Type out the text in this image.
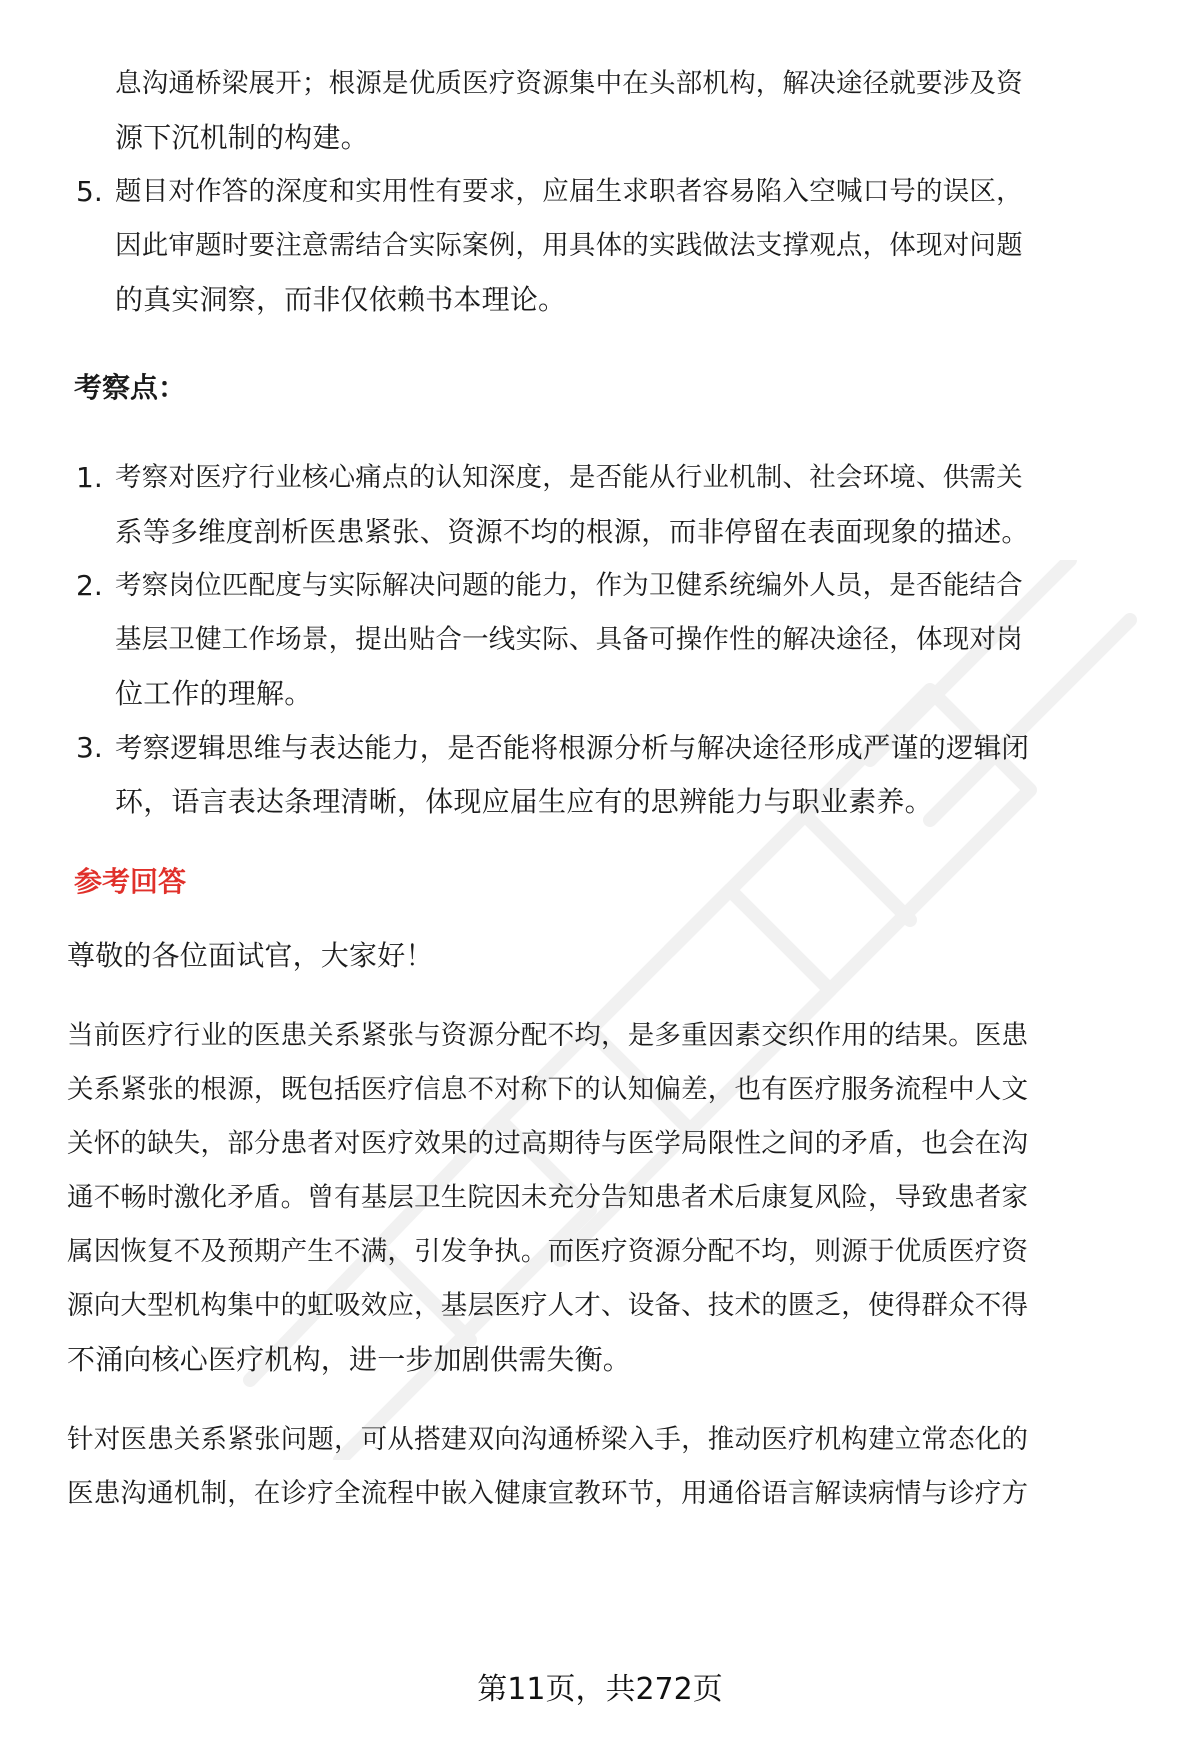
息沟通桥梁展开；根源是优质医疗资源集中在头部机构，解决途径就要涉及资
源下沉机制的构建。
5. 题目对作答的深度和实用性有要求，应届生求职者容易陷入空喊口号的误区，
因此审题时要注意需结合实际案例，用具体的实践做法支撑观点，体现对问题
的真实洞察，而非仅依赖书本理论。
考察点：
1. 考察对医疗行业核心痛点的认知深度，是否能从行业机制、社会环境、供需关
系等多维度剖析医患紧张、资源不均的根源，而非停留在表面现象的描述。
2. 考察岗位匹配度与实际解决问题的能力，作为卫健系统编外人员，是否能结合
基层卫健工作场景，提出贴合一线实际、具备可操作性的解决途径，体现对岗
位工作的理解。
3. 考察逻辑思维与表达能力，是否能将根源分析与解决途径形成严谨的逻辑闭
环，语言表达条理清晰，体现应届生应有的思辨能力与职业素养。
参考回答
尊敬的各位面试官，大家好！
当前医疗行业的医患关系紧张与资源分配不均，是多重因素交织作用的结果。医患
关系紧张的根源，既包括医疗信息不对称下的认知偏差，也有医疗服务流程中人文
关怀的缺失，部分患者对医疗效果的过高期待与医学局限性之间的矛盾，也会在沟
通不畅时激化矛盾。曾有基层卫生院因未充分告知患者术后康复风险，导致患者家
属因恢复不及预期产生不满，引发争执。而医疗资源分配不均，则源于优质医疗资
源向大型机构集中的虹吸效应，基层医疗人才、设备、技术的匮乏，使得群众不得
不涌向核心医疗机构，进一步加剧供需失衡。
针对医患关系紧张问题，可从搭建双向沟通桥梁入手，推动医疗机构建立常态化的
医患沟通机制，在诊疗全流程中嵌入健康宣教环节，用通俗语言解读病情与诊疗方
第11页，共272页
